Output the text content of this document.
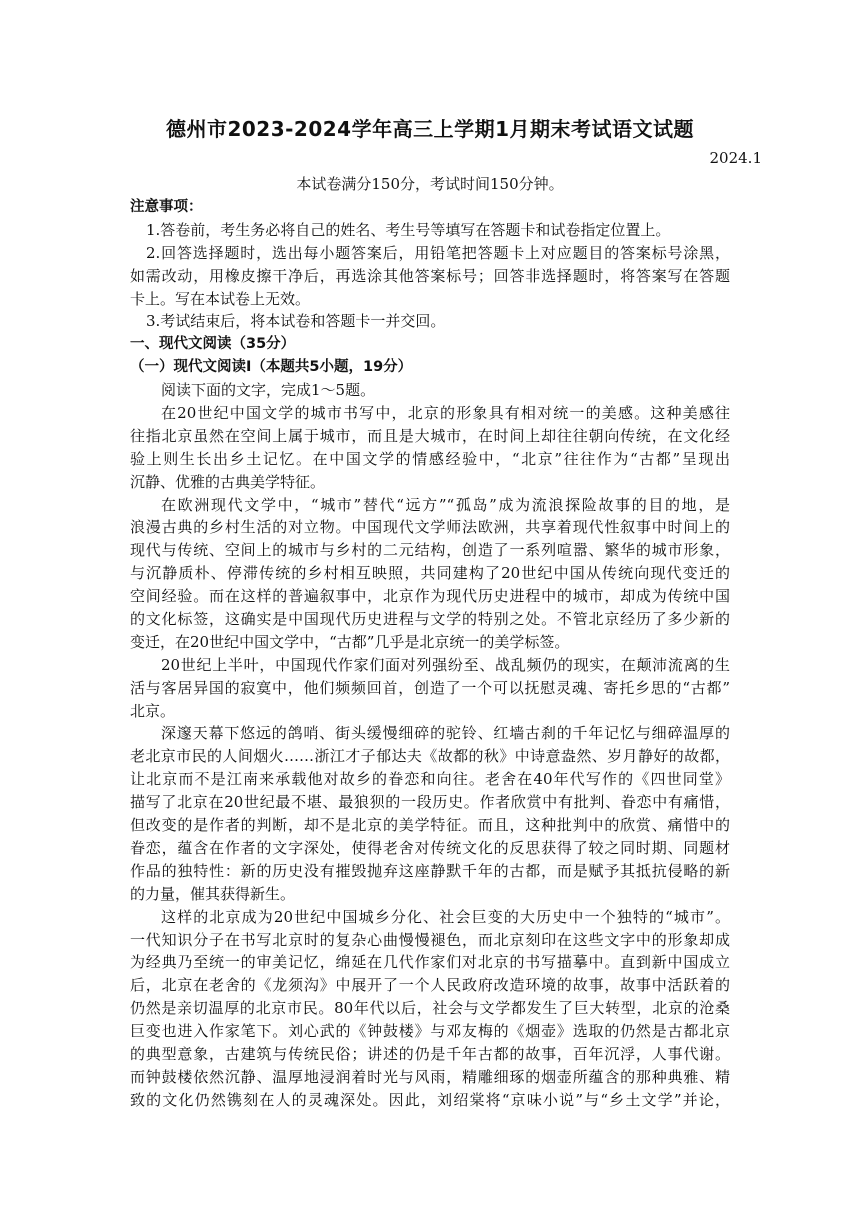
德州市2023-2024学年高三上学期1月期末考试语文试题
2024.1
本试卷满分150分，考试时间150分钟。
注意事项：
1.答卷前，考生务必将自己的姓名、考生号等填写在答题卡和试卷指定位置上。
2.回答选择题时，选出每小题答案后，用铅笔把答题卡上对应题目的答案标号涂黑，
如需改动，用橡皮擦干净后，再选涂其他答案标号；回答非选择题时，将答案写在答题
卡上。写在本试卷上无效。
3.考试结束后，将本试卷和答题卡一并交回。
一、现代文阅读（35分）
（一）现代文阅读Ⅰ（本题共5小题，19分）
阅读下面的文字，完成1～5题。
在20世纪中国文学的城市书写中，北京的形象具有相对统一的美感。这种美感往
往指北京虽然在空间上属于城市，而且是大城市，在时间上却往往朝向传统，在文化经
验上则生长出乡土记忆。在中国文学的情感经验中，“北京”往往作为“古都”呈现出
沉静、优雅的古典美学特征。
在欧洲现代文学中，“城市”替代“远方”“孤岛”成为流浪探险故事的目的地，是
浪漫古典的乡村生活的对立物。中国现代文学师法欧洲，共享着现代性叙事中时间上的
现代与传统、空间上的城市与乡村的二元结构，创造了一系列喧嚣、繁华的城市形象，
与沉静质朴、停滞传统的乡村相互映照，共同建构了20世纪中国从传统向现代变迁的
空间经验。而在这样的普遍叙事中，北京作为现代历史进程中的城市，却成为传统中国
的文化标签，这确实是中国现代历史进程与文学的特别之处。不管北京经历了多少新的
变迁，在20世纪中国文学中，“古都”几乎是北京统一的美学标签。
20世纪上半叶，中国现代作家们面对列强纷至、战乱频仍的现实，在颠沛流离的生
活与客居异国的寂寞中，他们频频回首，创造了一个可以抚慰灵魂、寄托乡思的“古都”
北京。
深邃天幕下悠远的鸽哨、街头缓慢细碎的驼铃、红墙古刹的千年记忆与细碎温厚的
老北京市民的人间烟火……浙江才子郁达夫《故都的秋》中诗意盎然、岁月静好的故都，
让北京而不是江南来承载他对故乡的眷恋和向往。老舍在40年代写作的《四世同堂》
描写了北京在20世纪最不堪、最狼狈的一段历史。作者欣赏中有批判、眷恋中有痛惜，
但改变的是作者的判断，却不是北京的美学特征。而且，这种批判中的欣赏、痛惜中的
眷恋，蕴含在作者的文字深处，使得老舍对传统文化的反思获得了较之同时期、同题材
作品的独特性：新的历史没有摧毁抛弃这座静默千年的古都，而是赋予其抵抗侵略的新
的力量，催其获得新生。
这样的北京成为20世纪中国城乡分化、社会巨变的大历史中一个独特的“城市”。
一代知识分子在书写北京时的复杂心曲慢慢褪色，而北京刻印在这些文字中的形象却成
为经典乃至统一的审美记忆，绵延在几代作家们对北京的书写描摹中。直到新中国成立
后，北京在老舍的《龙须沟》中展开了一个人民政府改造环境的故事，故事中活跃着的
仍然是亲切温厚的北京市民。80年代以后，社会与文学都发生了巨大转型，北京的沧桑
巨变也进入作家笔下。刘心武的《钟鼓楼》与邓友梅的《烟壶》选取的仍然是古都北京
的典型意象，古建筑与传统民俗；讲述的仍是千年古都的故事，百年沉浮，人事代谢。
而钟鼓楼依然沉静、温厚地浸润着时光与风雨，精雕细琢的烟壶所蕴含的那种典雅、精
致的文化仍然镌刻在人的灵魂深处。因此，刘绍棠将“京味小说”与“乡土文学”并论，
